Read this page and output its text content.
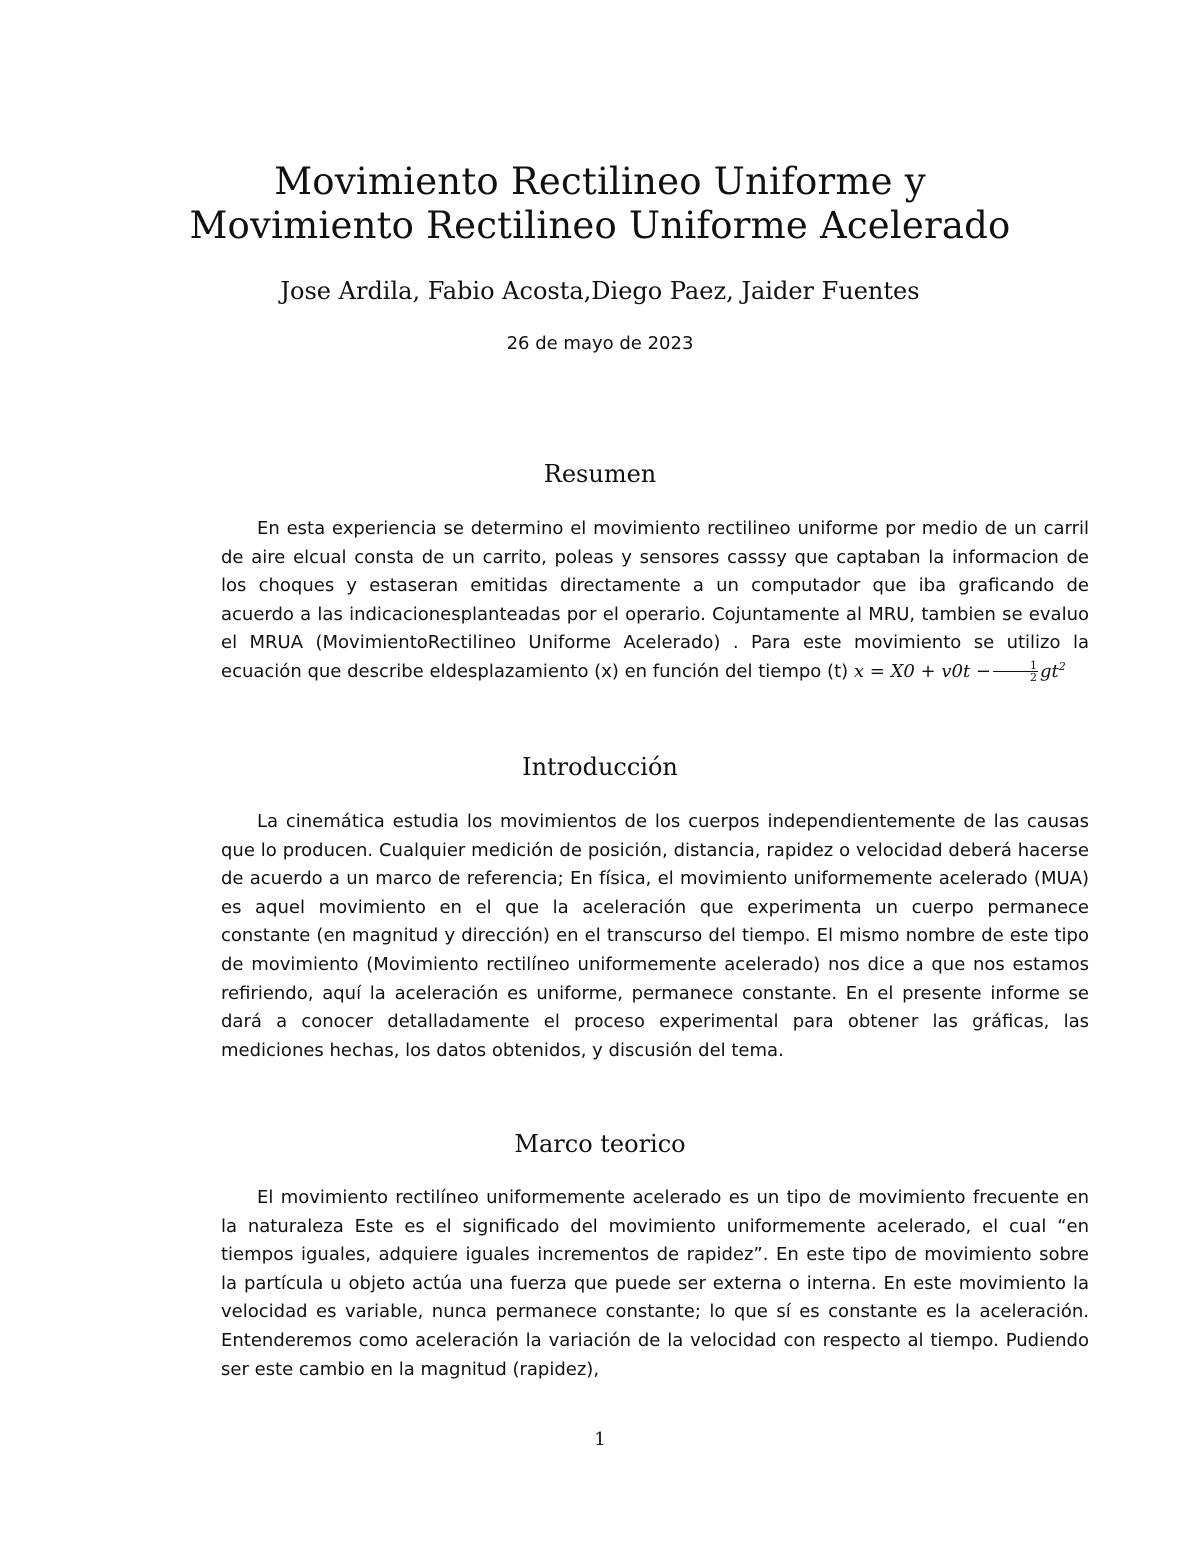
Movimiento Rectilineo Uniforme y
Movimiento Rectilineo Uniforme Acelerado
Jose Ardila, Fabio Acosta,Diego Paez, Jaider Fuentes
26 de mayo de 2023
Resumen

En esta experiencia se determino el movimiento rectilineo uniforme por medio de un carril de aire elcual consta de un carrito, poleas y sensores casssy que captaban la informacion de los choques y estaseran emitidas directamente a un computador que iba graficando de acuerdo a las indicacionesplanteadas por el operario. Cojuntamente al MRU, tambien se evaluo el MRUA (MovimientoRectilineo Uniforme Acelerado) . Para este movimiento se utilizo la ecuación que describe eldesplazamiento (x) en función del tiempo (t) $x = X0 + v0t - \frac{1}{2} gt^2$

Introducción

La cinemática estudia los movimientos de los cuerpos independientemente de las causas que lo producen. Cualquier medición de posición, distancia, rapidez o velocidad deberá hacerse de acuerdo a un marco de referencia; En física, el movimiento uniformemente acelerado (MUA) es aquel movimiento en el que la aceleración que experimenta un cuerpo permanece constante (en magnitud y dirección) en el transcurso del tiempo. El mismo nombre de este tipo de movimiento (Movimiento rectilíneo uniformemente acelerado) nos dice a que nos estamos refiriendo, aquí la aceleración es uniforme, permanece constante. En el presente informe se dará a conocer detalladamente el proceso experimental para obtener las gráficas, las mediciones hechas, los datos obtenidos, y discusión del tema.

Marco teorico

El movimiento rectilíneo uniformemente acelerado es un tipo de movimiento frecuente en la naturaleza Este es el significado del movimiento uniformemente acelerado, el cual “en tiempos iguales, adquiere iguales incrementos de rapidez”. En este tipo de movimiento sobre la partícula u objeto actúa una fuerza que puede ser externa o interna. En este movimiento la velocidad es variable, nunca permanece constante; lo que sí es constante es la aceleración. Entenderemos como aceleración la variación de la velocidad con respecto al tiempo. Pudiendo ser este cambio en la magnitud (rapidez),

1
